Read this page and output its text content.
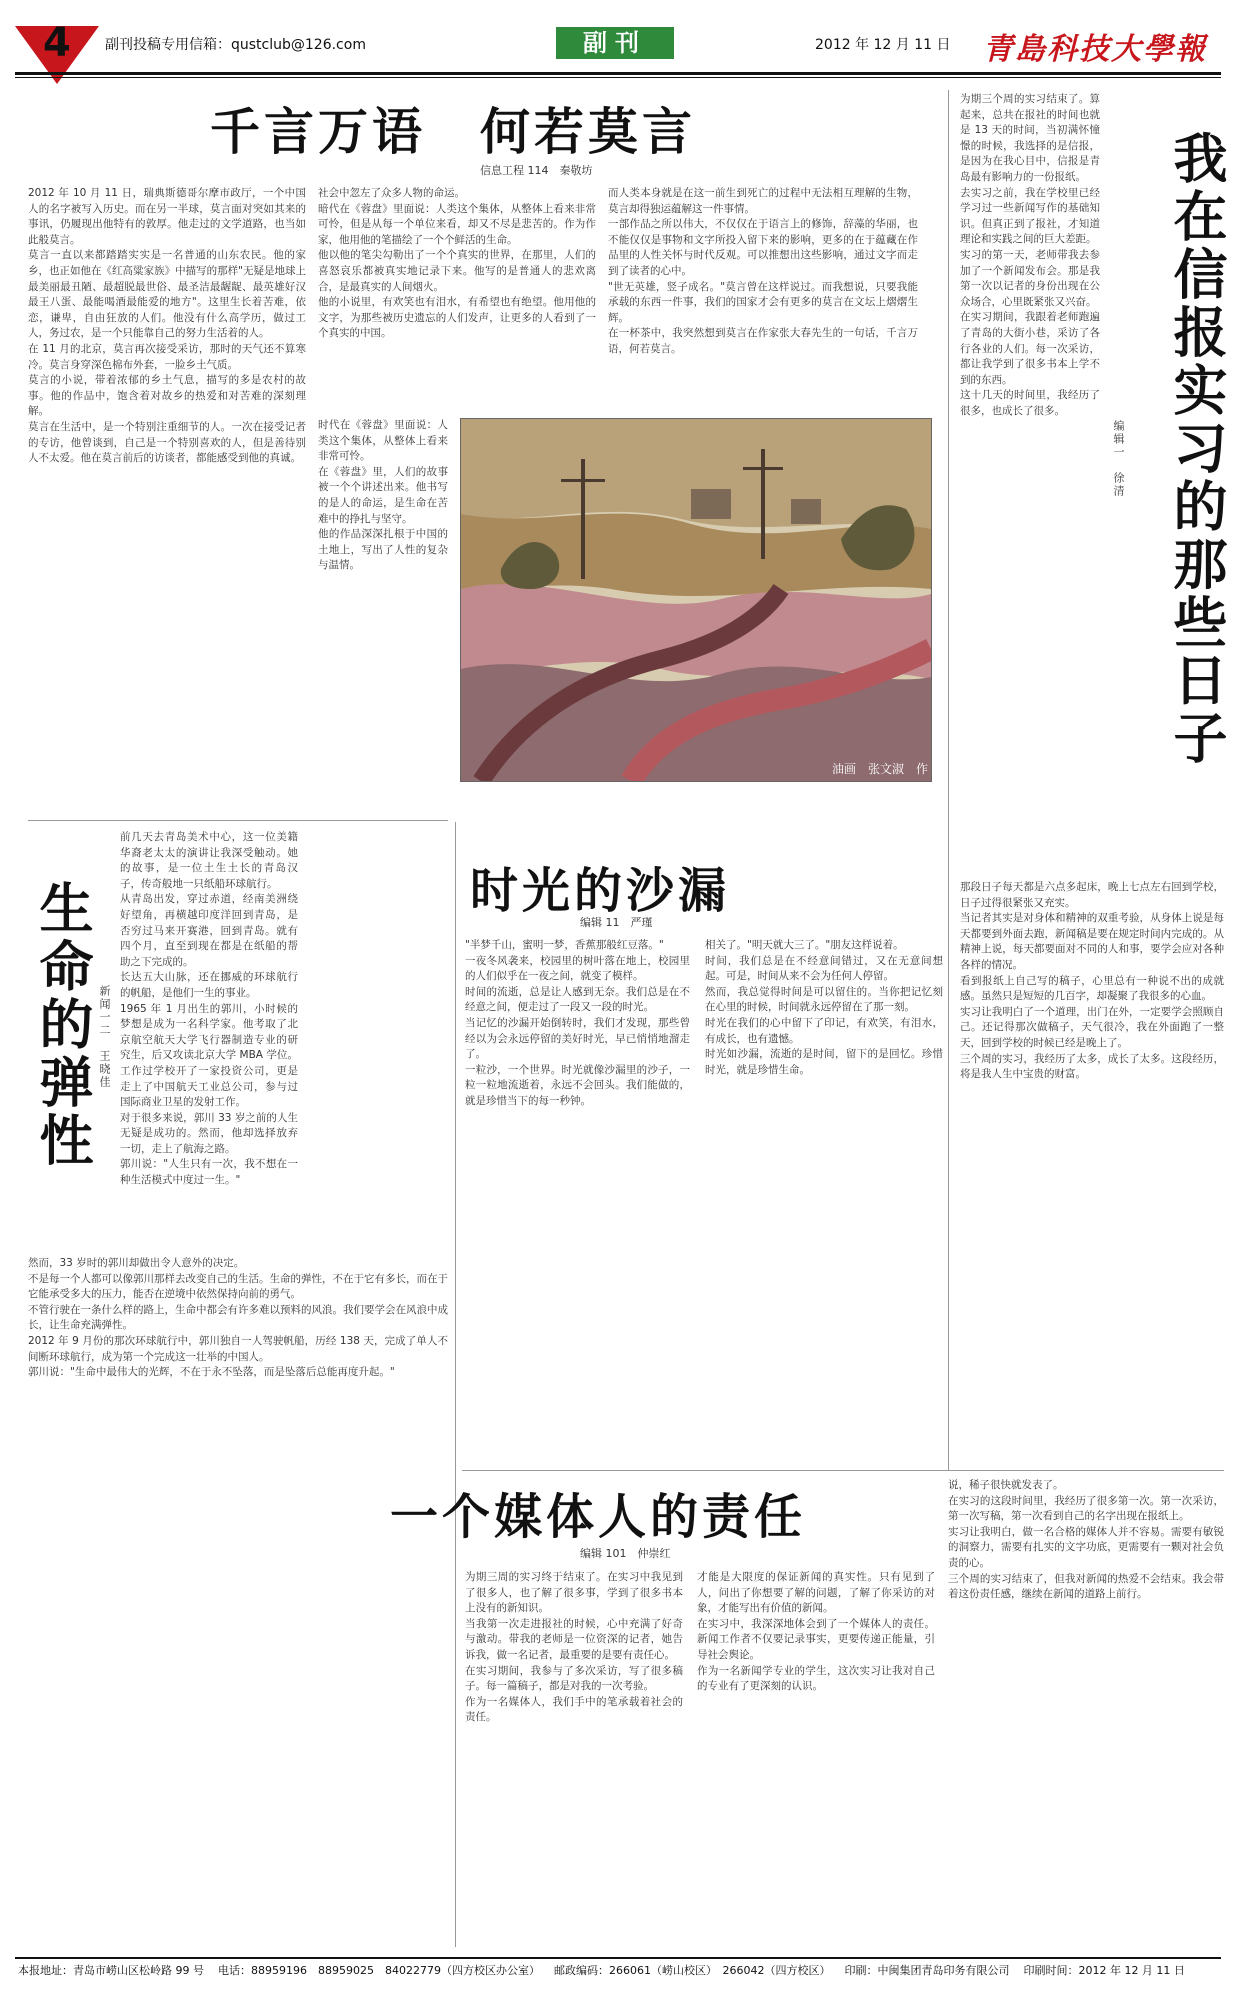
4 副刊投稿专用信箱：qustclub@126.com	副刊	2012 年 12 月 11 日 青島科技大學報
千言万语　何若莫言
信息工程 114　秦敬坊
2012 年 10 月 11 日，瑞典斯德哥尔摩市政厅，一个中国人的名字被写入历史。而在另一半球，莫言面对突如其来的事讯，仍履现出他特有的敦厚。他走过的文学道路，也当如此般莫言。
莫言一直以来都踏踏实实是一名普通的山东农民。他的家乡，也正如他在《红高粱家族》中描写的那样"无疑是地球上最美丽最丑陋、最超脱最世俗、最圣洁最龌龊、最英雄好汉最王八蛋、最能喝酒最能爱的地方"。这里生长着苦难，依恋，谦卑，自由狂放的人们。他没有什么高学历，做过工人，务过农，是一个只能靠自己的努力生活着的人。
在 11 月的北京，莫言再次接受采访，那时的天气还不算寒冷。莫言身穿深色棉布外套，一脸乡土气质。
莫言的小说，带着浓郁的乡土气息，描写的多是农村的故事。他的作品中，饱含着对故乡的热爱和对苦难的深刻理解。
莫言在生活中，是一个特别注重细节的人。一次在接受记者的专访，他曾谈到，自己是一个特别喜欢的人，但是善待别人不太爱。他在莫言前后的访谈者，都能感受到他的真诚。
社会中忽左了众多人物的命运。
暗代在《蓉盘》里面说：人类这个集体，从整体上看来非常可怜，但是从每一个单位来看，却又不尽是悲苦的。作为作家，他用他的笔描绘了一个个鲜活的生命。
他以他的笔尖勾勒出了一个个真实的世界，在那里，人们的喜怒哀乐都被真实地记录下来。他写的是普通人的悲欢离合，是最真实的人间烟火。
他的小说里，有欢笑也有泪水，有希望也有绝望。他用他的文字，为那些被历史遗忘的人们发声，让更多的人看到了一个真实的中国。
而人类本身就是在这一前生到死亡的过程中无法相互理解的生物，莫言却得独运蕴解这一件事情。
一部作品之所以伟大，不仅仅在于语言上的修饰，辞藻的华丽，也不能仅仅是事物和文字所投入留下来的影响，更多的在于蕴藏在作品里的人性关怀与时代反观。可以推想出这些影响，通过文字而走到了读者的心中。
"世无英雄，竖子成名。"莫言曾在这样说过。而我想说，只要我能承载的东西一件事，我们的国家才会有更多的莫言在文坛上熠熠生辉。
在一杯茶中，我突然想到莫言在作家张大春先生的一句话，千言万语，何若莫言。
时代在《蓉盘》里面说：人类这个集体，从整体上看来非常可怜。
在《蓉盘》里，人们的故事被一个个讲述出来。他书写的是人的命运，是生命在苦难中的挣扎与坚守。
他的作品深深扎根于中国的土地上，写出了人性的复杂与温情。
油画　张文淑　作
我在信报实习的那些日子
编辑一　徐清
为期三个周的实习结束了。算起来，总共在报社的时间也就是 13 天的时间，当初满怀憧憬的时候，我选择的是信报，是因为在我心目中，信报是青岛最有影响力的一份报纸。
去实习之前，我在学校里已经学习过一些新闻写作的基础知识。但真正到了报社，才知道理论和实践之间的巨大差距。
实习的第一天，老师带我去参加了一个新闻发布会。那是我第一次以记者的身份出现在公众场合，心里既紧张又兴奋。
在实习期间，我跟着老师跑遍了青岛的大街小巷，采访了各行各业的人们。每一次采访，都让我学到了很多书本上学不到的东西。
这十几天的时间里，我经历了很多，也成长了很多。
那段日子每天都是六点多起床，晚上七点左右回到学校，日子过得很紧张又充实。
当记者其实是对身体和精神的双重考验，从身体上说是每天都要到外面去跑，新闻稿是要在规定时间内完成的。从精神上说，每天都要面对不同的人和事，要学会应对各种各样的情况。
看到报纸上自己写的稿子，心里总有一种说不出的成就感。虽然只是短短的几百字，却凝聚了我很多的心血。
实习让我明白了一个道理，出门在外，一定要学会照顾自己。还记得那次做稿子，天气很冷，我在外面跑了一整天，回到学校的时候已经是晚上了。
三个周的实习，我经历了太多，成长了太多。这段经历，将是我人生中宝贵的财富。
生命的弹性 新闻一二　王晓佳
前几天去青岛美术中心，这一位美籍华裔老太太的演讲让我深受触动。她的故事，是一位土生土长的青岛汉子，传奇般地一只纸船环球航行。
从青岛出发，穿过赤道，经南美洲绕好望角，再横越印度洋回到青岛，是否穷过马来开赛港，回到青岛。就有四个月，直至到现在都是在纸船的帮助之下完成的。
长达五大山脉，还在挪威的环球航行的帆船，是他们一生的事业。
1965 年 1 月出生的郭川，小时候的梦想是成为一名科学家。他考取了北京航空航天大学飞行器制造专业的研究生，后又攻读北京大学 MBA 学位。工作过学校开了一家投资公司，更是走上了中国航天工业总公司，参与过国际商业卫星的发射工作。
对于很多来说，郭川 33 岁之前的人生无疑是成功的。然而，他却选择放弃一切，走上了航海之路。
郭川说："人生只有一次，我不想在一种生活模式中度过一生。"
然而，33 岁时的郭川却做出令人意外的决定。
不是每一个人都可以像郭川那样去改变自己的生活。生命的弹性，不在于它有多长，而在于它能承受多大的压力，能否在逆境中依然保持向前的勇气。
不管行驶在一条什么样的路上，生命中都会有许多难以预料的风浪。我们要学会在风浪中成长，让生命充满弹性。
2012 年 9 月份的那次环球航行中，郭川独自一人驾驶帆船，历经 138 天，完成了单人不间断环球航行，成为第一个完成这一壮举的中国人。
郭川说："生命中最伟大的光辉，不在于永不坠落，而是坠落后总能再度升起。"
时光的沙漏
编辑 11　严瑾
"半梦千山，蜜明一梦，香蕉那般红豆落。"
一夜冬风袭来，校园里的树叶落在地上，校园里的人们似乎在一夜之间，就变了模样。
时间的流逝，总是让人感到无奈。我们总是在不经意之间，便走过了一段又一段的时光。
当记忆的沙漏开始倒转时，我们才发现，那些曾经以为会永远停留的美好时光，早已悄悄地溜走了。
一粒沙，一个世界。时光就像沙漏里的沙子，一粒一粒地流逝着，永远不会回头。我们能做的，就是珍惜当下的每一秒钟。
相关了。"明天就大三了。"朋友这样说着。
时间，我们总是在不经意间错过，又在无意间想起。可是，时间从来不会为任何人停留。
然而，我总觉得时间是可以留住的。当你把记忆刻在心里的时候，时间就永远停留在了那一刻。
时光在我们的心中留下了印记，有欢笑，有泪水，有成长，也有遗憾。
时光如沙漏，流逝的是时间，留下的是回忆。珍惜时光，就是珍惜生命。
一个媒体人的责任
编辑 101　仲崇红
为期三周的实习终于结束了。在实习中我见到了很多人，也了解了很多事，学到了很多书本上没有的新知识。
当我第一次走进报社的时候，心中充满了好奇与激动。带我的老师是一位资深的记者，她告诉我，做一名记者，最重要的是要有责任心。
在实习期间，我参与了多次采访，写了很多稿子。每一篇稿子，都是对我的一次考验。
作为一名媒体人，我们手中的笔承载着社会的责任。
才能是大限度的保证新闻的真实性。只有见到了人，问出了你想要了解的问题，了解了你采访的对象，才能写出有价值的新闻。
在实习中，我深深地体会到了一个媒体人的责任。新闻工作者不仅要记录事实，更要传递正能量，引导社会舆论。
作为一名新闻学专业的学生，这次实习让我对自己的专业有了更深刻的认识。
说，稀子很快就发表了。
在实习的这段时间里，我经历了很多第一次。第一次采访，第一次写稿，第一次看到自己的名字出现在报纸上。
实习让我明白，做一名合格的媒体人并不容易。需要有敏锐的洞察力，需要有扎实的文字功底，更需要有一颗对社会负责的心。
三个周的实习结束了，但我对新闻的热爱不会结束。我会带着这份责任感，继续在新闻的道路上前行。
本报地址：青岛市崂山区松岭路 99 号 电话：88959196　88959025　84022779（四方校区办公室） 邮政编码：266061（崂山校区）　266042（四方校区） 印刷：中闽集团青岛印务有限公司 印刷时间：2012 年 12 月 11 日
